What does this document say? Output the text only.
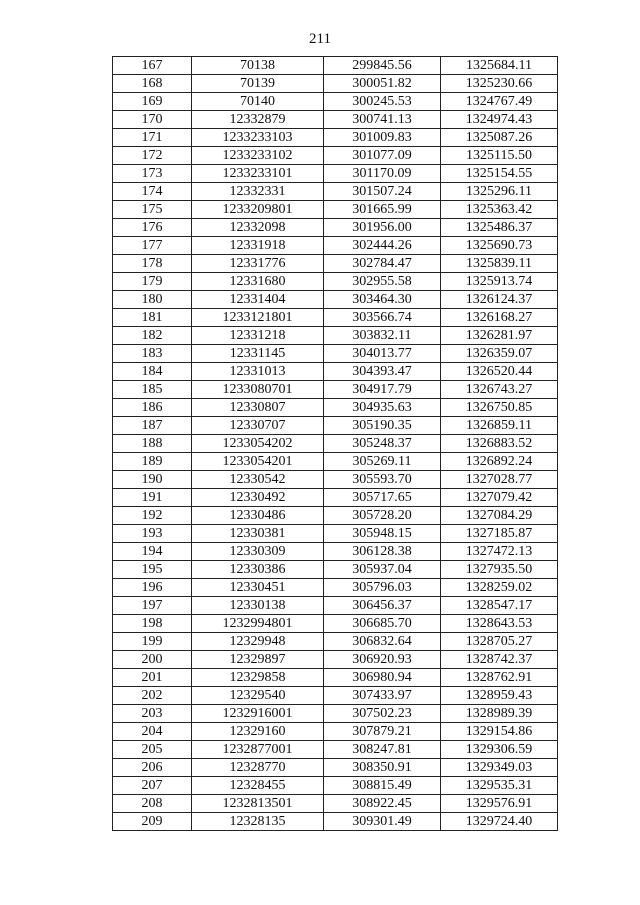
211
167	70138	299845.56	1325684.11
168	70139	300051.82	1325230.66
169	70140	300245.53	1324767.49
170	12332879	300741.13	1324974.43
171	1233233103	301009.83	1325087.26
172	1233233102	301077.09	1325115.50
173	1233233101	301170.09	1325154.55
174	12332331	301507.24	1325296.11
175	1233209801	301665.99	1325363.42
176	12332098	301956.00	1325486.37
177	12331918	302444.26	1325690.73
178	12331776	302784.47	1325839.11
179	12331680	302955.58	1325913.74
180	12331404	303464.30	1326124.37
181	1233121801	303566.74	1326168.27
182	12331218	303832.11	1326281.97
183	12331145	304013.77	1326359.07
184	12331013	304393.47	1326520.44
185	1233080701	304917.79	1326743.27
186	12330807	304935.63	1326750.85
187	12330707	305190.35	1326859.11
188	1233054202	305248.37	1326883.52
189	1233054201	305269.11	1326892.24
190	12330542	305593.70	1327028.77
191	12330492	305717.65	1327079.42
192	12330486	305728.20	1327084.29
193	12330381	305948.15	1327185.87
194	12330309	306128.38	1327472.13
195	12330386	305937.04	1327935.50
196	12330451	305796.03	1328259.02
197	12330138	306456.37	1328547.17
198	1232994801	306685.70	1328643.53
199	12329948	306832.64	1328705.27
200	12329897	306920.93	1328742.37
201	12329858	306980.94	1328762.91
202	12329540	307433.97	1328959.43
203	1232916001	307502.23	1328989.39
204	12329160	307879.21	1329154.86
205	1232877001	308247.81	1329306.59
206	12328770	308350.91	1329349.03
207	12328455	308815.49	1329535.31
208	1232813501	308922.45	1329576.91
209	12328135	309301.49	1329724.40
